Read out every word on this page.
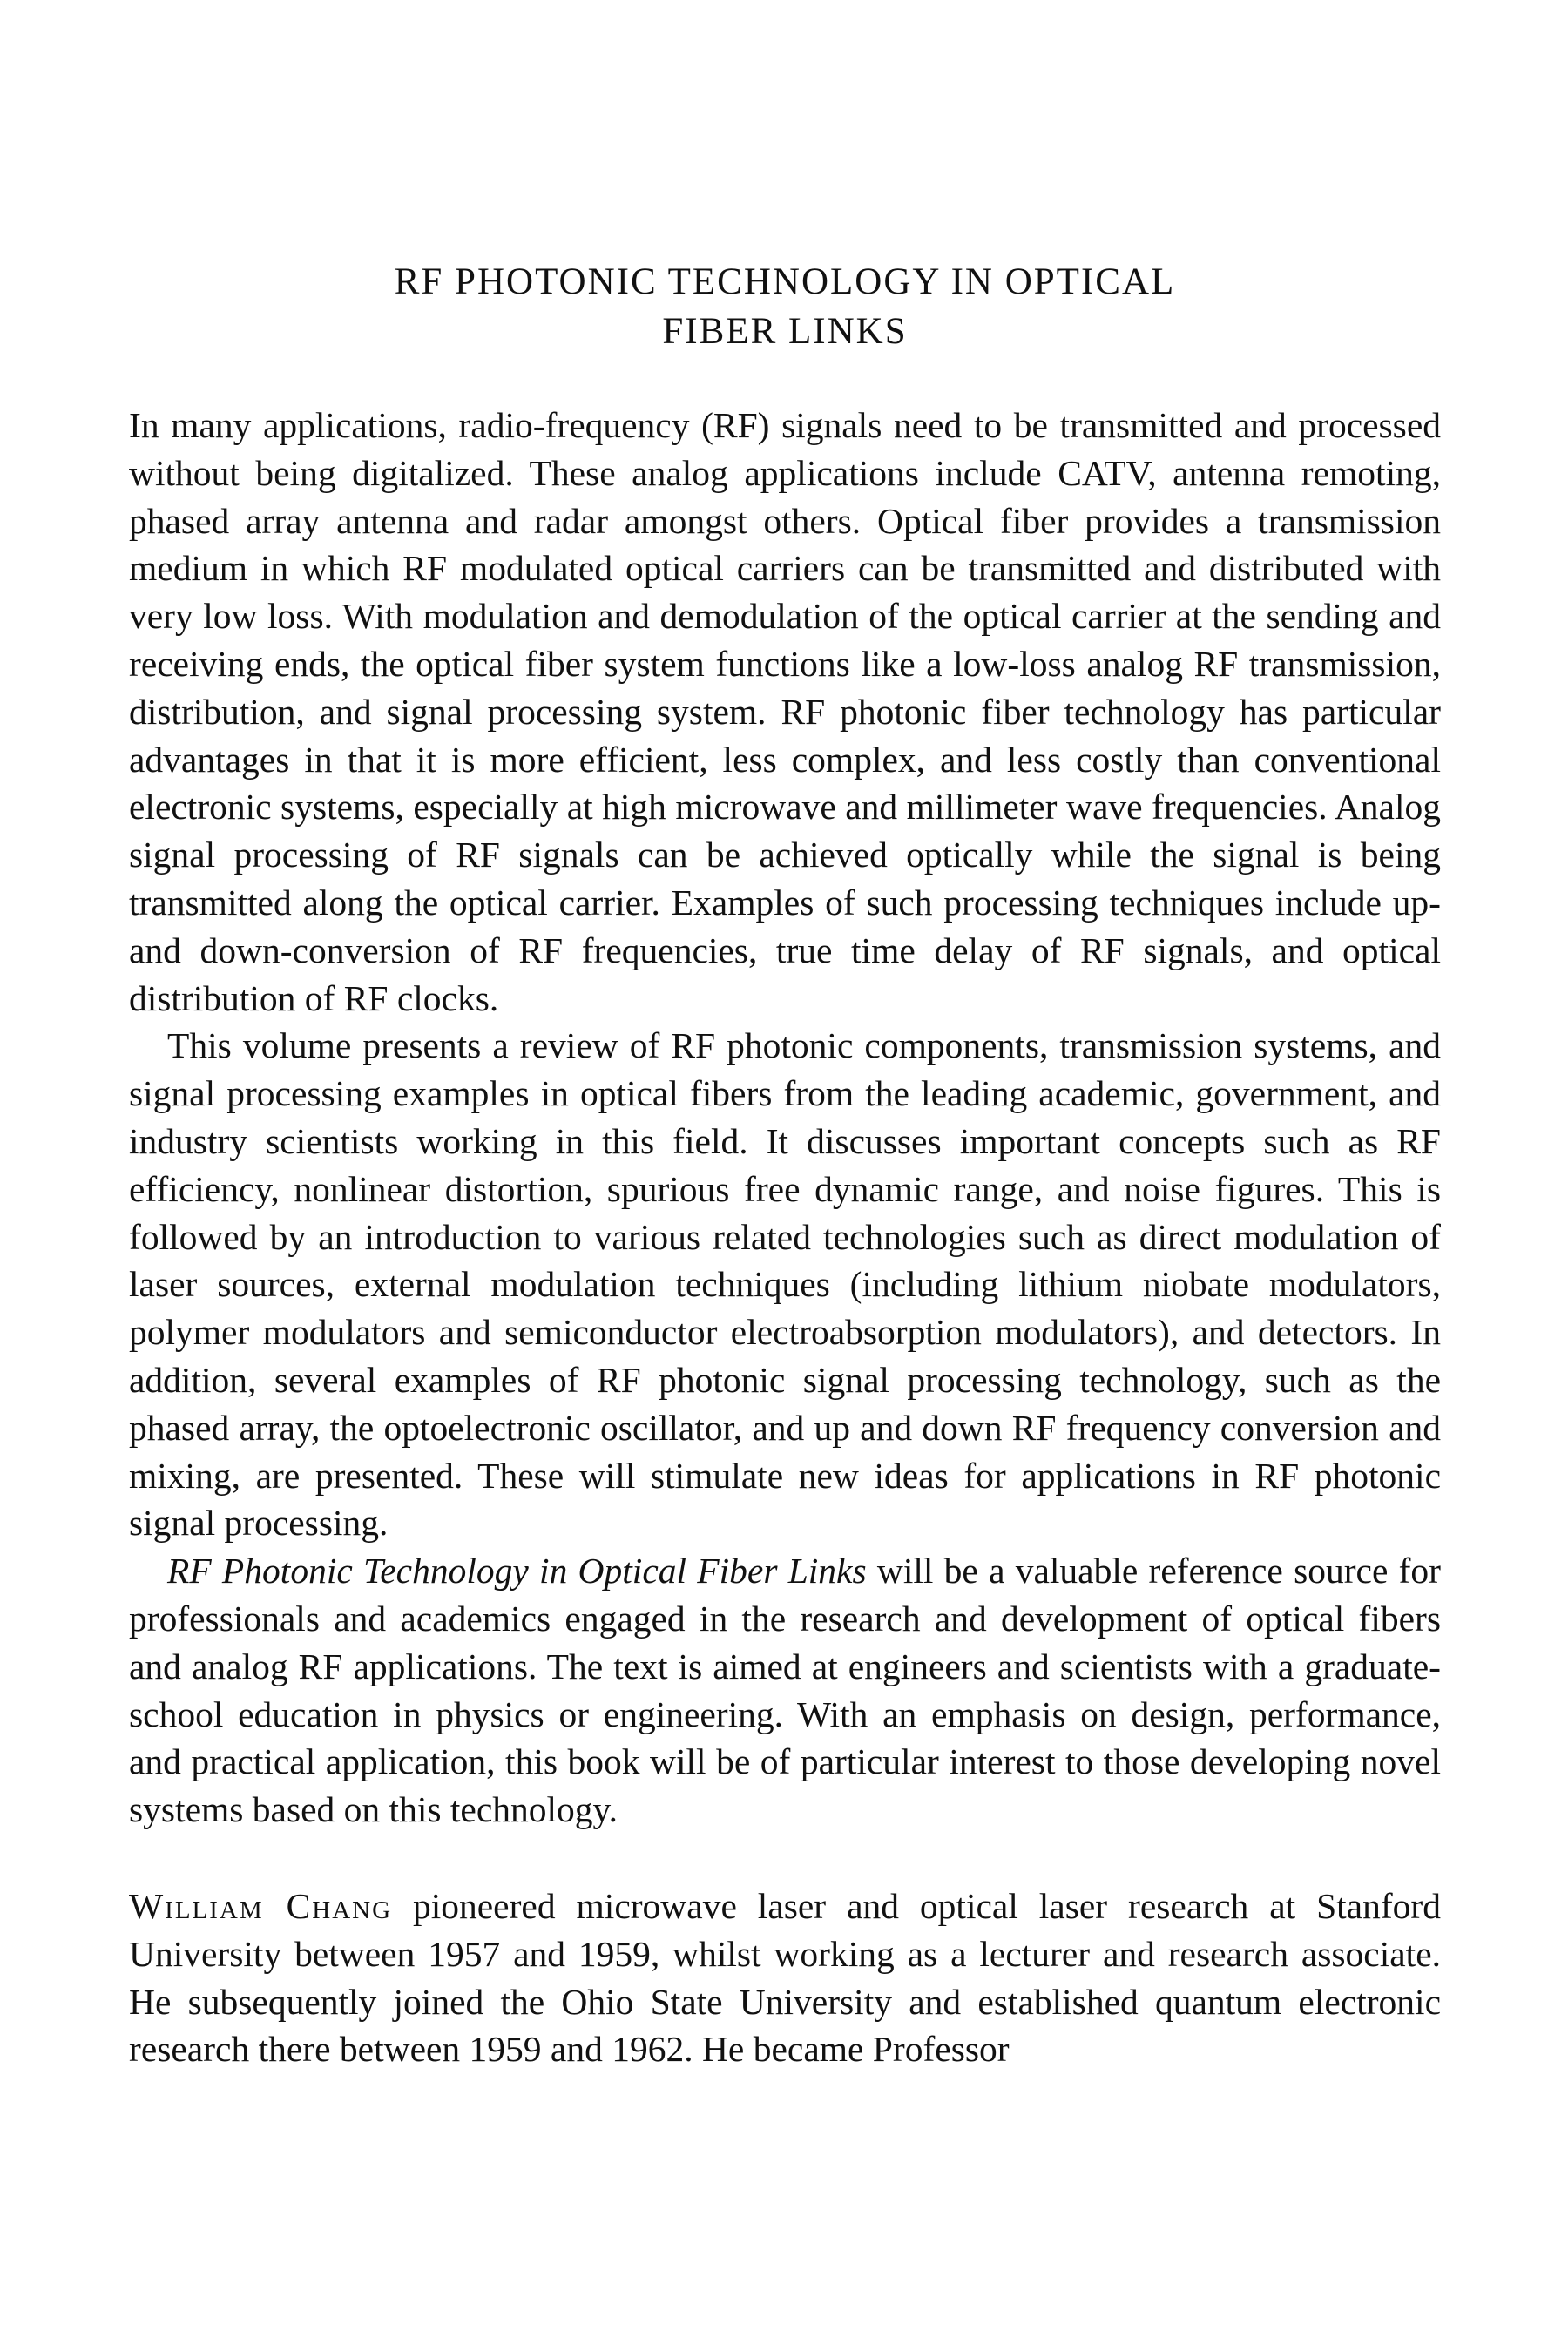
RF PHOTONIC TECHNOLOGY IN OPTICAL
FIBER LINKS

In many applications, radio-frequency (RF) signals need to be transmitted and processed without being digitalized. These analog applications include CATV, antenna remoting, phased array antenna and radar amongst others. Optical fiber provides a transmission medium in which RF modulated optical carriers can be transmitted and distributed with very low loss. With modulation and demodulation of the optical carrier at the sending and receiving ends, the optical fiber system functions like a low-loss analog RF transmission, distribution, and signal processing system. RF photonic fiber technology has particular advantages in that it is more efficient, less complex, and less costly than conventional electronic systems, especially at high microwave and millimeter wave frequencies. Analog signal processing of RF signals can be achieved optically while the signal is being transmitted along the optical carrier. Examples of such processing techniques include up- and down-conversion of RF frequencies, true time delay of RF signals, and optical distribution of RF clocks.

This volume presents a review of RF photonic components, transmission systems, and signal processing examples in optical fibers from the leading academic, government, and industry scientists working in this field. It discusses important concepts such as RF efficiency, nonlinear distortion, spurious free dynamic range, and noise figures. This is followed by an introduction to various related technologies such as direct modulation of laser sources, external modulation techniques (including lithium niobate modulators, polymer modulators and semiconductor electroabsorption modulators), and detectors. In addition, several examples of RF photonic signal processing technology, such as the phased array, the optoelectronic oscillator, and up and down RF frequency conversion and mixing, are presented. These will stimulate new ideas for applications in RF photonic signal processing.

RF Photonic Technology in Optical Fiber Links will be a valuable reference source for professionals and academics engaged in the research and development of optical fibers and analog RF applications. The text is aimed at engineers and scientists with a graduate-school education in physics or engineering. With an emphasis on design, performance, and practical application, this book will be of particular interest to those developing novel systems based on this technology.

William Chang pioneered microwave laser and optical laser research at Stanford University between 1957 and 1959, whilst working as a lecturer and research associate. He subsequently joined the Ohio State University and established quantum electronic research there between 1959 and 1962. He became Professor
